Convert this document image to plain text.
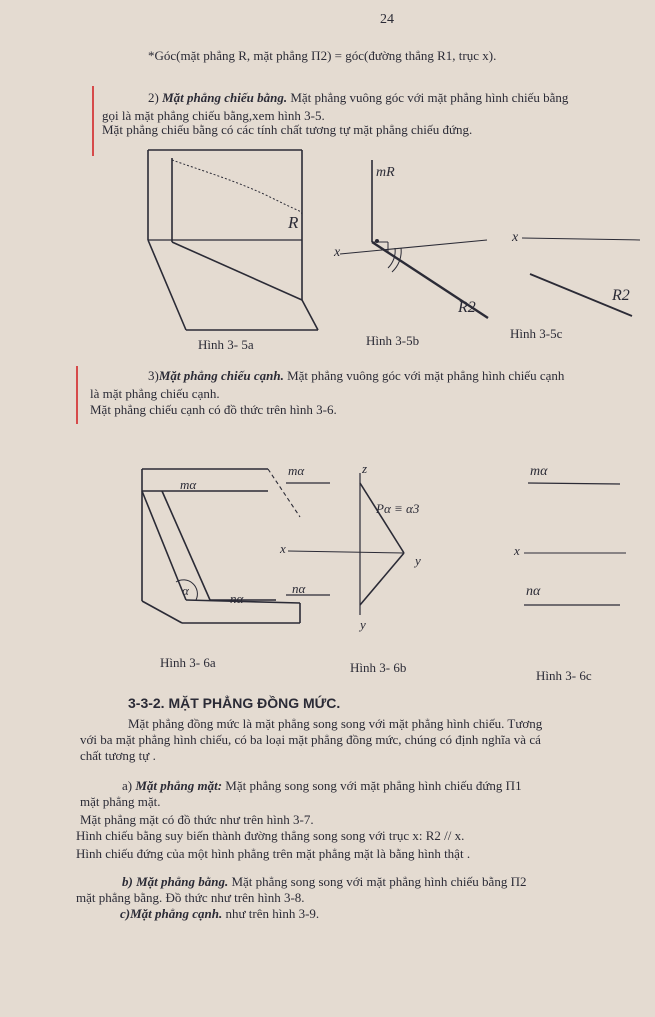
24
*Góc(mặt phẳng R, mặt phẳng Π2) = góc(đường thẳng R1, trục x).
2) Mặt phẳng chiếu bằng. Mặt phẳng vuông góc với mặt phẳng hình chiếu bằng
gọi là mặt phẳng chiếu bằng,xem hình 3-5.
Mặt phẳng chiếu bằng có các tính chất tương tự mặt phẳng chiếu đứng.
R
mR
x
R2
x
R2
Hình 3- 5a	Hình 3-5b	Hình 3-5c
3)Mặt phẳng chiếu cạnh. Mặt phẳng vuông góc với mặt phẳng hình chiếu cạnh
là mặt phẳng chiếu cạnh.
Mặt phẳng chiếu cạnh có đồ thức trên hình 3-6.
mα
α
nα
mα	z
Pα ≡ α3
x
y
nα
y
mα
x
nα
Hình 3- 6a	Hình 3- 6b
Hình 3- 6c
3-3-2. MẶT PHẲNG ĐỒNG MỨC.
Mặt phẳng đồng mức là mặt phẳng song song với mặt phẳng hình chiếu. Tương
với ba mặt phẳng hình chiếu, có ba loại mặt phẳng đồng mức, chúng có định nghĩa và cá
chất tương tự .
a) Mặt phẳng mặt: Mặt phẳng song song với mặt phẳng hình chiếu đứng Π1
mặt phẳng mặt.
Mặt phẳng mặt có đồ thức như trên hình 3-7.
Hình chiếu bằng suy biến thành đường thẳng song song với trục x: R2 // x.
Hình chiếu đứng của một hình phẳng trên mặt phẳng mặt là bằng hình thật .
b) Mặt phẳng bằng. Mặt phẳng song song với mặt phẳng hình chiếu bằng Π2
mặt phẳng bằng. Đồ thức như trên hình 3-8.
c)Mặt phẳng cạnh. như trên hình 3-9.
